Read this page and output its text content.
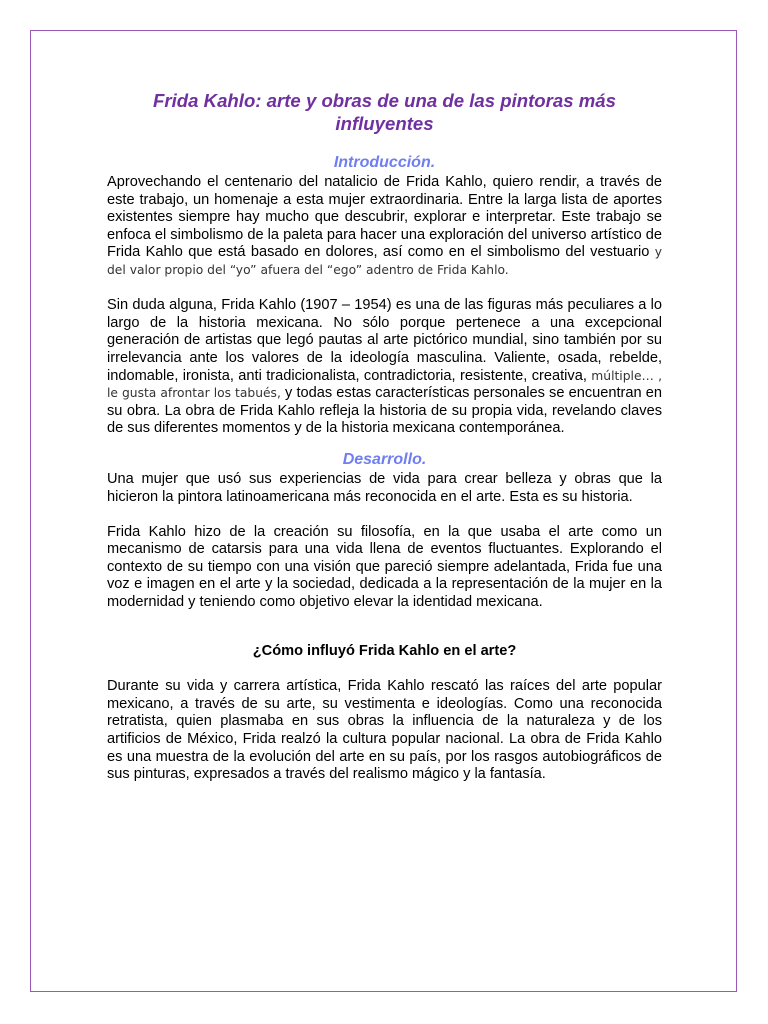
Frida Kahlo: arte y obras de una de las pintoras más influyentes
Introducción.

Aprovechando el centenario del natalicio de Frida Kahlo, quiero rendir, a través de este trabajo, un homenaje a esta mujer extraordinaria. Entre la larga lista de aportes existentes siempre hay mucho que descubrir, explorar e interpretar. Este trabajo se enfoca el simbolismo de la paleta para hacer una exploración del universo artístico de Frida Kahlo que está basado en dolores, así como en el simbolismo del vestuario y del valor propio del “yo” afuera del “ego” adentro de Frida Kahlo.

Sin duda alguna, Frida Kahlo (1907 – 1954) es una de las figuras más peculiares a lo largo de la historia mexicana. No sólo porque pertenece a una excepcional generación de artistas que legó pautas al arte pictórico mundial, sino también por su irrelevancia ante los valores de la ideología masculina. Valiente, osada, rebelde, indomable, ironista, anti tradicionalista, contradictoria, resistente, creativa, múltiple… , le gusta afrontar los tabués, y todas estas características personales se encuentran en su obra. La obra de Frida Kahlo refleja la historia de su propia vida, revelando claves de sus diferentes momentos y de la historia mexicana contemporánea.

Desarrollo.

Una mujer que usó sus experiencias de vida para crear belleza y obras que la hicieron la pintora latinoamericana más reconocida en el arte. Esta es su historia.

Frida Kahlo hizo de la creación su filosofía, en la que usaba el arte como un mecanismo de catarsis para una vida llena de eventos fluctuantes. Explorando el contexto de su tiempo con una visión que pareció siempre adelantada, Frida fue una voz e imagen en el arte y la sociedad, dedicada a la representación de la mujer en la modernidad y teniendo como objetivo elevar la identidad mexicana.

¿Cómo influyó Frida Kahlo en el arte?

Durante su vida y carrera artística, Frida Kahlo rescató las raíces del arte popular mexicano, a través de su arte, su vestimenta e ideologías. Como una reconocida retratista, quien plasmaba en sus obras la influencia de la naturaleza y de los artificios de México, Frida realzó la cultura popular nacional. La obra de Frida Kahlo es una muestra de la evolución del arte en su país, por los rasgos autobiográficos de sus pinturas, expresados a través del realismo mágico y la fantasía.
